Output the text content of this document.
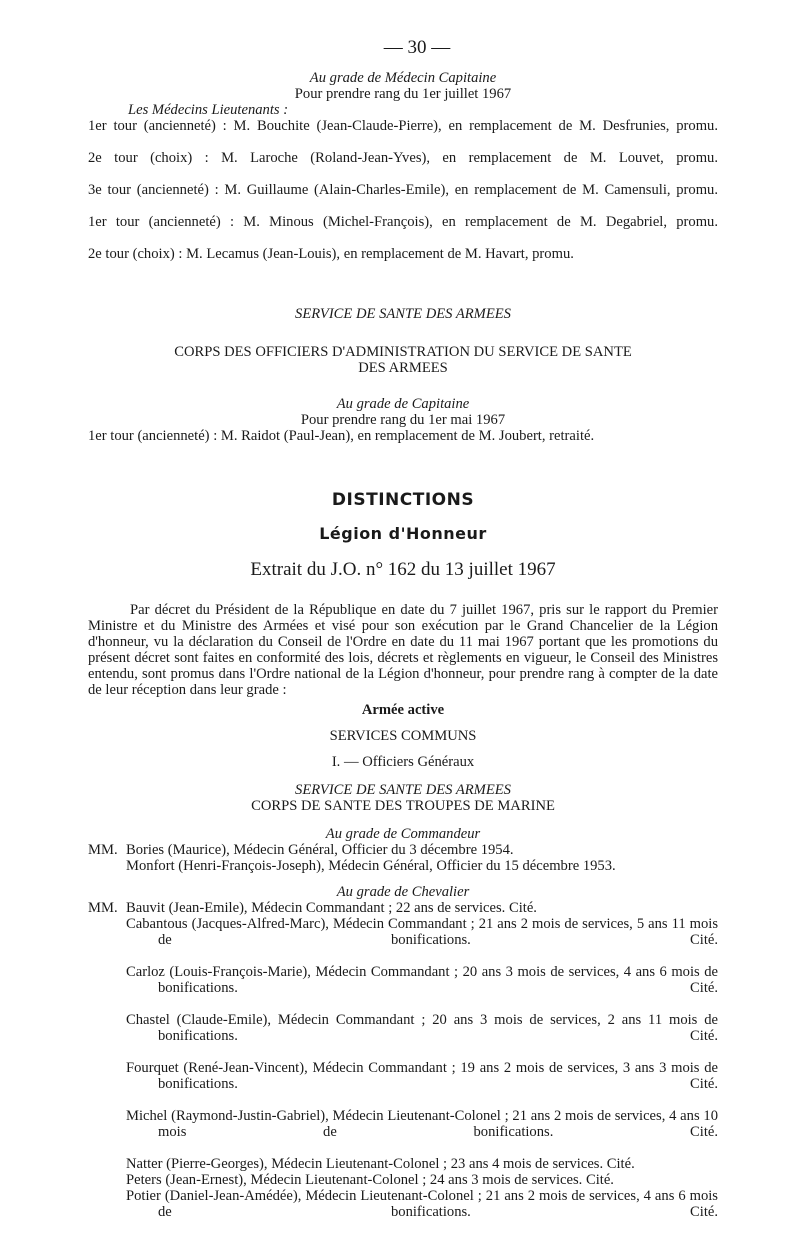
— 30 —
Au grade de Médecin Capitaine
Pour prendre rang du 1er juillet 1967
Les Médecins Lieutenants :
1er tour (ancienneté) : M. Bouchite (Jean-Claude-Pierre), en remplacement de M. Desfrunies, promu.
2e tour (choix) : M. Laroche (Roland-Jean-Yves), en remplacement de M. Louvet, promu.
3e tour (ancienneté) : M. Guillaume (Alain-Charles-Emile), en remplacement de M. Camensuli, promu.
1er tour (ancienneté) : M. Minous (Michel-François), en remplacement de M. Degabriel, promu.
2e tour (choix) : M. Lecamus (Jean-Louis), en remplacement de M. Havart, promu.
SERVICE DE SANTE DES ARMEES
CORPS DES OFFICIERS D'ADMINISTRATION DU SERVICE DE SANTE
DES ARMEES
Au grade de Capitaine
Pour prendre rang du 1er mai 1967
1er tour (ancienneté) : M. Raidot (Paul-Jean), en remplacement de M. Joubert, retraité.
DISTINCTIONS
Légion d'Honneur
Extrait du J.O. n° 162 du 13 juillet 1967
Par décret du Président de la République en date du 7 juillet 1967, pris sur le rapport du Premier Ministre et du Ministre des Armées et visé pour son exécution par le Grand Chancelier de la Légion d'honneur, vu la déclaration du Conseil de l'Ordre en date du 11 mai 1967 portant que les promotions du présent décret sont faites en conformité des lois, décrets et règlements en vigueur, le Conseil des Ministres entendu, sont promus dans l'Ordre national de la Légion d'honneur, pour prendre rang à compter de la date de leur réception dans leur grade :
Armée active
SERVICES COMMUNS
I. — Officiers Généraux
SERVICE DE SANTE DES ARMEES
CORPS DE SANTE DES TROUPES DE MARINE
Au grade de Commandeur
MM. Bories (Maurice), Médecin Général, Officier du 3 décembre 1954.
Monfort (Henri-François-Joseph), Médecin Général, Officier du 15 décembre 1953.
Au grade de Chevalier
MM. Bauvit (Jean-Emile), Médecin Commandant ; 22 ans de services. Cité.
Cabantous (Jacques-Alfred-Marc), Médecin Commandant ; 21 ans 2 mois de services, 5 ans 11 mois de bonifications. Cité.
Carloz (Louis-François-Marie), Médecin Commandant ; 20 ans 3 mois de services, 4 ans 6 mois de bonifications. Cité.
Chastel (Claude-Emile), Médecin Commandant ; 20 ans 3 mois de services, 2 ans 11 mois de bonifications. Cité.
Fourquet (René-Jean-Vincent), Médecin Commandant ; 19 ans 2 mois de services, 3 ans 3 mois de bonifications. Cité.
Michel (Raymond-Justin-Gabriel), Médecin Lieutenant-Colonel ; 21 ans 2 mois de services, 4 ans 10 mois de bonifications. Cité.
Natter (Pierre-Georges), Médecin Lieutenant-Colonel ; 23 ans 4 mois de services. Cité.
Peters (Jean-Ernest), Médecin Lieutenant-Colonel ; 24 ans 3 mois de services. Cité.
Potier (Daniel-Jean-Amédée), Médecin Lieutenant-Colonel ; 21 ans 2 mois de services, 4 ans 6 mois de bonifications. Cité.
